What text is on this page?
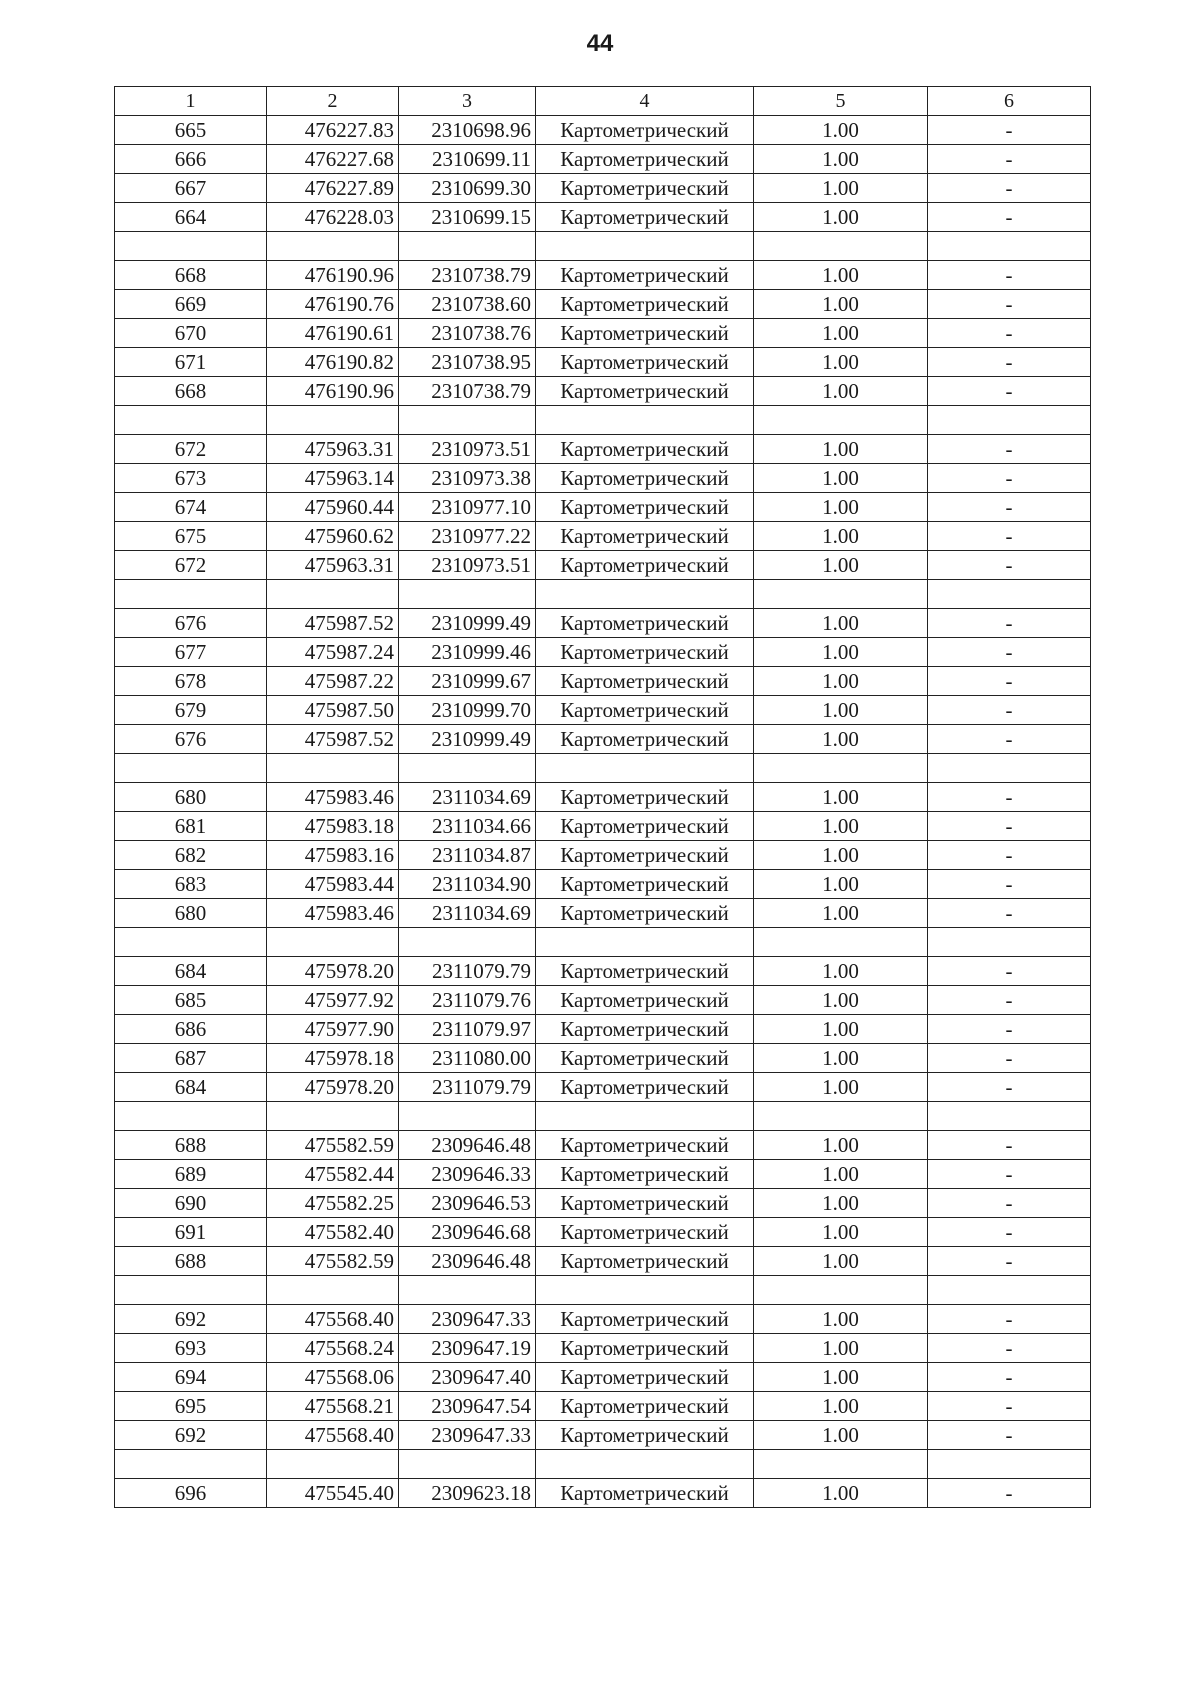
44
1	2	3	4	5	6
665	476227.83	2310698.96	Картометрический	1.00	-
666	476227.68	2310699.11	Картометрический	1.00	-
667	476227.89	2310699.30	Картометрический	1.00	-
664	476228.03	2310699.15	Картометрический	1.00	-

668	476190.96	2310738.79	Картометрический	1.00	-
669	476190.76	2310738.60	Картометрический	1.00	-
670	476190.61	2310738.76	Картометрический	1.00	-
671	476190.82	2310738.95	Картометрический	1.00	-
668	476190.96	2310738.79	Картометрический	1.00	-

672	475963.31	2310973.51	Картометрический	1.00	-
673	475963.14	2310973.38	Картометрический	1.00	-
674	475960.44	2310977.10	Картометрический	1.00	-
675	475960.62	2310977.22	Картометрический	1.00	-
672	475963.31	2310973.51	Картометрический	1.00	-

676	475987.52	2310999.49	Картометрический	1.00	-
677	475987.24	2310999.46	Картометрический	1.00	-
678	475987.22	2310999.67	Картометрический	1.00	-
679	475987.50	2310999.70	Картометрический	1.00	-
676	475987.52	2310999.49	Картометрический	1.00	-

680	475983.46	2311034.69	Картометрический	1.00	-
681	475983.18	2311034.66	Картометрический	1.00	-
682	475983.16	2311034.87	Картометрический	1.00	-
683	475983.44	2311034.90	Картометрический	1.00	-
680	475983.46	2311034.69	Картометрический	1.00	-

684	475978.20	2311079.79	Картометрический	1.00	-
685	475977.92	2311079.76	Картометрический	1.00	-
686	475977.90	2311079.97	Картометрический	1.00	-
687	475978.18	2311080.00	Картометрический	1.00	-
684	475978.20	2311079.79	Картометрический	1.00	-

688	475582.59	2309646.48	Картометрический	1.00	-
689	475582.44	2309646.33	Картометрический	1.00	-
690	475582.25	2309646.53	Картометрический	1.00	-
691	475582.40	2309646.68	Картометрический	1.00	-
688	475582.59	2309646.48	Картометрический	1.00	-

692	475568.40	2309647.33	Картометрический	1.00	-
693	475568.24	2309647.19	Картометрический	1.00	-
694	475568.06	2309647.40	Картометрический	1.00	-
695	475568.21	2309647.54	Картометрический	1.00	-
692	475568.40	2309647.33	Картометрический	1.00	-

696	475545.40	2309623.18	Картометрический	1.00	-
